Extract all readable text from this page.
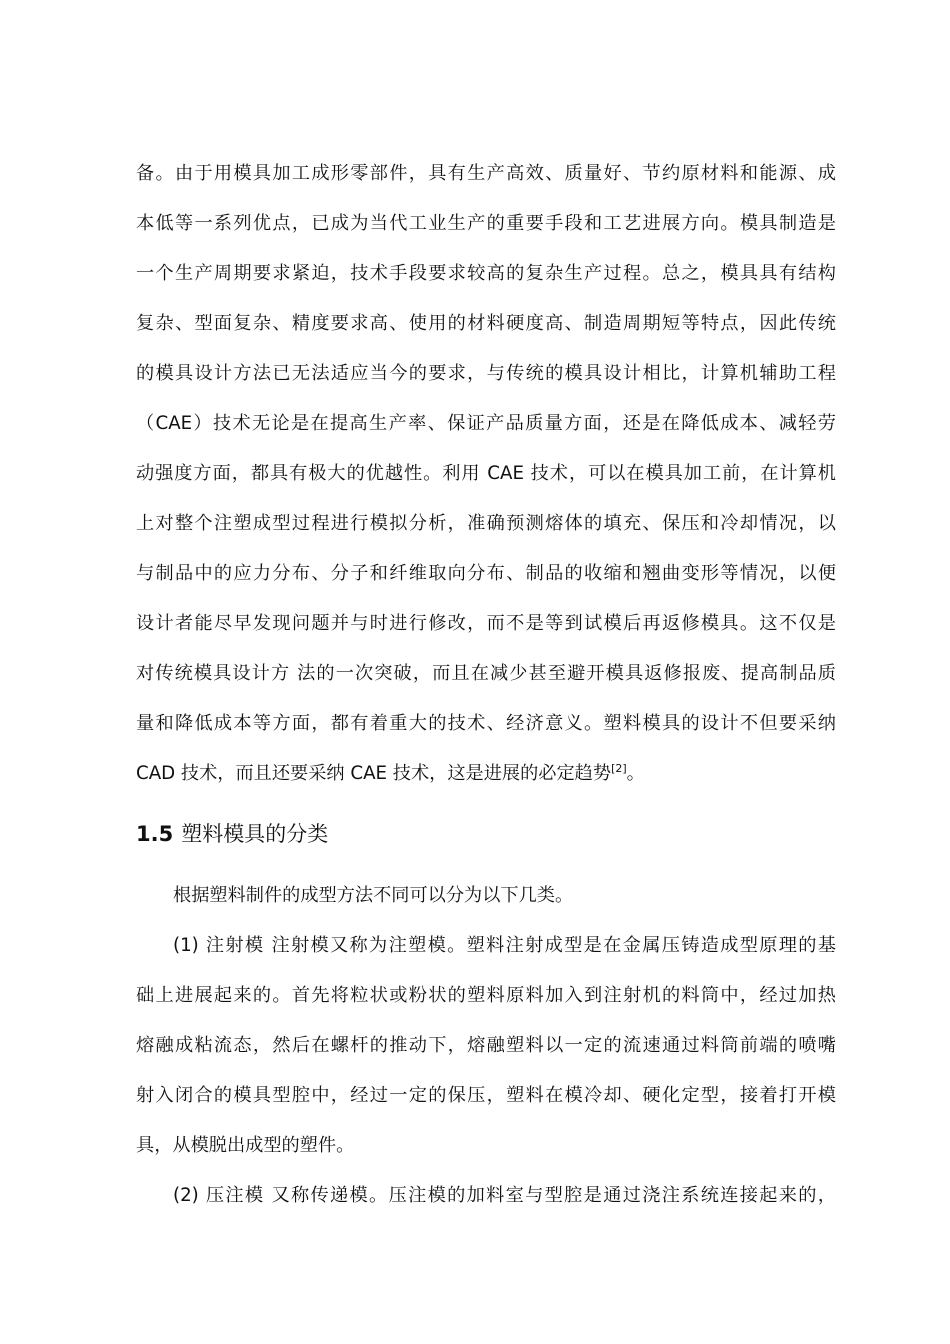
备。由于用模具加工成形零部件，具有生产高效、质量好、节约原材料和能源、成
本低等一系列优点，已成为当代工业生产的重要手段和工艺进展方向。模具制造是
一个生产周期要求紧迫，技术手段要求较高的复杂生产过程。总之，模具具有结构
复杂、型面复杂、精度要求高、使用的材料硬度高、制造周期短等特点，因此传统
的模具设计方法已无法适应当今的要求，与传统的模具设计相比，计算机辅助工程
（CAE）技术无论是在提高生产率、保证产品质量方面，还是在降低成本、减轻劳
动强度方面，都具有极大的优越性。利用 CAE 技术，可以在模具加工前，在计算机
上对整个注塑成型过程进行模拟分析，准确预测熔体的填充、保压和冷却情况，以
与制品中的应力分布、分子和纤维取向分布、制品的收缩和翘曲变形等情况，以便
设计者能尽早发现问题并与时进行修改，而不是等到试模后再返修模具。这不仅是
对传统模具设计方 法的一次突破，而且在减少甚至避开模具返修报废、提高制品质
量和降低成本等方面，都有着重大的技术、经济意义。塑料模具的设计不但要采纳
CAD 技术，而且还要采纳 CAE 技术，这是进展的必定趋势[2]。
1.5 塑料模具的分类
根据塑料制件的成型方法不同可以分为以下几类。
(1) 注射模 注射模又称为注塑模。塑料注射成型是在金属压铸造成型原理的基
础上进展起来的。首先将粒状或粉状的塑料原料加入到注射机的料筒中，经过加热
熔融成粘流态，然后在螺杆的推动下，熔融塑料以一定的流速通过料筒前端的喷嘴
射入闭合的模具型腔中，经过一定的保压，塑料在模冷却、硬化定型，接着打开模
具，从模脱出成型的塑件。
(2) 压注模 又称传递模。压注模的加料室与型腔是通过浇注系统连接起来的，
